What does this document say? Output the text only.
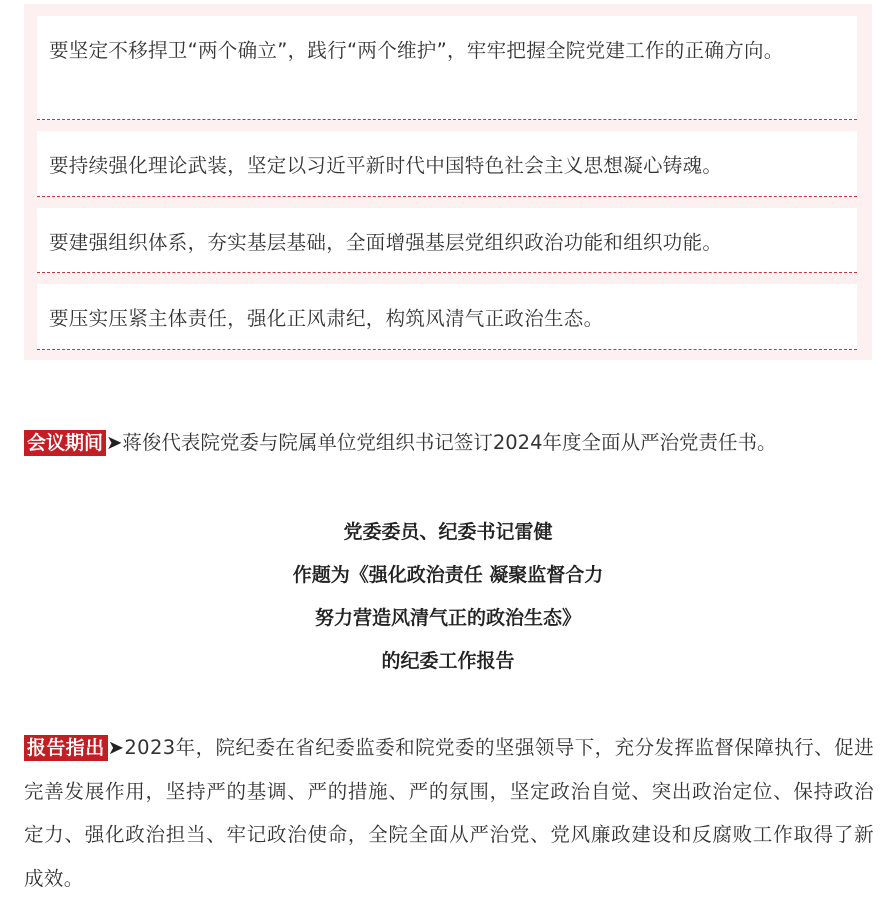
要坚定不移捍卫“两个确立”，践行“两个维护”，牢牢把握全院党建工作的正确方向。
要持续强化理论武装，坚定以习近平新时代中国特色社会主义思想凝心铸魂。
要建强组织体系，夯实基层基础，全面增强基层党组织政治功能和组织功能。
要压实压紧主体责任，强化正风肃纪，构筑风清气正政治生态。
会议期间 ➤蒋俊代表院党委与院属单位党组织书记签订2024年度全面从严治党责任书。
党委委员、纪委书记雷健
作题为《强化政治责任 凝聚监督合力
努力营造风清气正的政治生态》
的纪委工作报告
报告指出 ➤2023年，院纪委在省纪委监委和院党委的坚强领导下，充分发挥监督保障执行、促进完善发展作用，坚持严的基调、严的措施、严的氛围，坚定政治自觉、突出政治定位、保持政治定力、强化政治担当、牢记政治使命，全院全面从严治党、党风廉政建设和反腐败工作取得了新成效。
